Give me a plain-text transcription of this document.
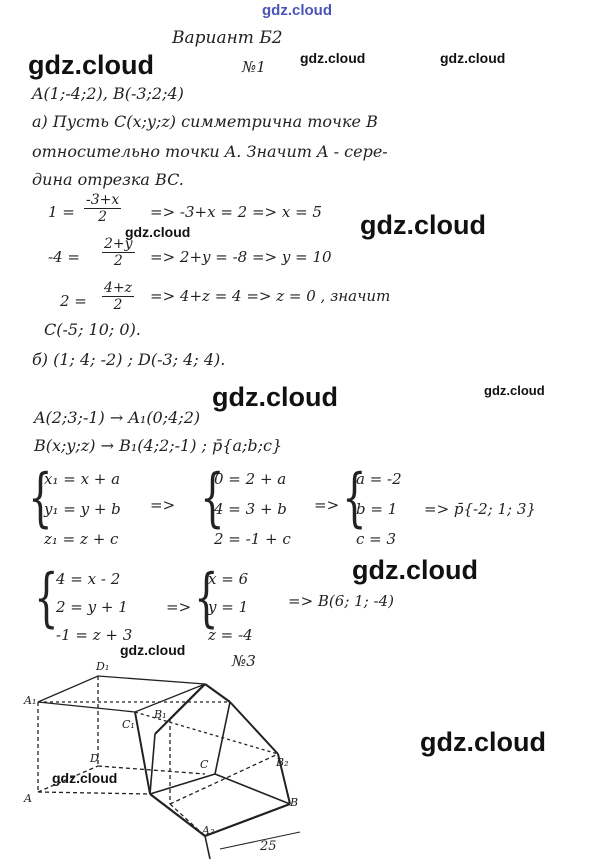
gdz.cloud
gdz.cloud	gdz.cloud	gdz.cloud
gdz.cloud
gdz.cloud
gdz.cloud	gdz.cloud
gdz.cloud
gdz.cloud
gdz.cloud
gdz.cloud
Вариант Б2
№1
A(1;-4;2), B(-3;2;4)
а) Пусть C(x;y;z) симметрична точке B
относительно точки A. Значит A - сере-
дина отрезка BC.
$1 = \frac{-3+x}{2} => -3+x = 2 => x = 5$
$-4 = \frac{2+y}{2} => 2+y = -8 => y = 10$
$2 = \frac{4+z}{2} => 4+z = 4 => z = 0$ , значит
C(-5; 10; 0).
б) (1; 4; -2) ; D(-3; 4; 4).
A(2;3;-1) → A₁(0;4;2)
B(x;y;z) → B₁(4;2;-1) ; p̄{a;b;c}
{
x₁ = x + a
y₁ = y + b
z₁ = z + c
=> {
0 = 2 + a
4 = 3 + b
2 = -1 + c
=> {
a = -2
b = 1
c = 3
=> p̄{-2; 1; 3}
{
4 = x - 2
2 = y + 1
-1 = z + 3
=> {
x = 6
y = 1
z = -4
=> B(6; 1; -4)
№3
D₁
A₁
C₁
B₁
D	C	B₂
A	B
A₂
25
